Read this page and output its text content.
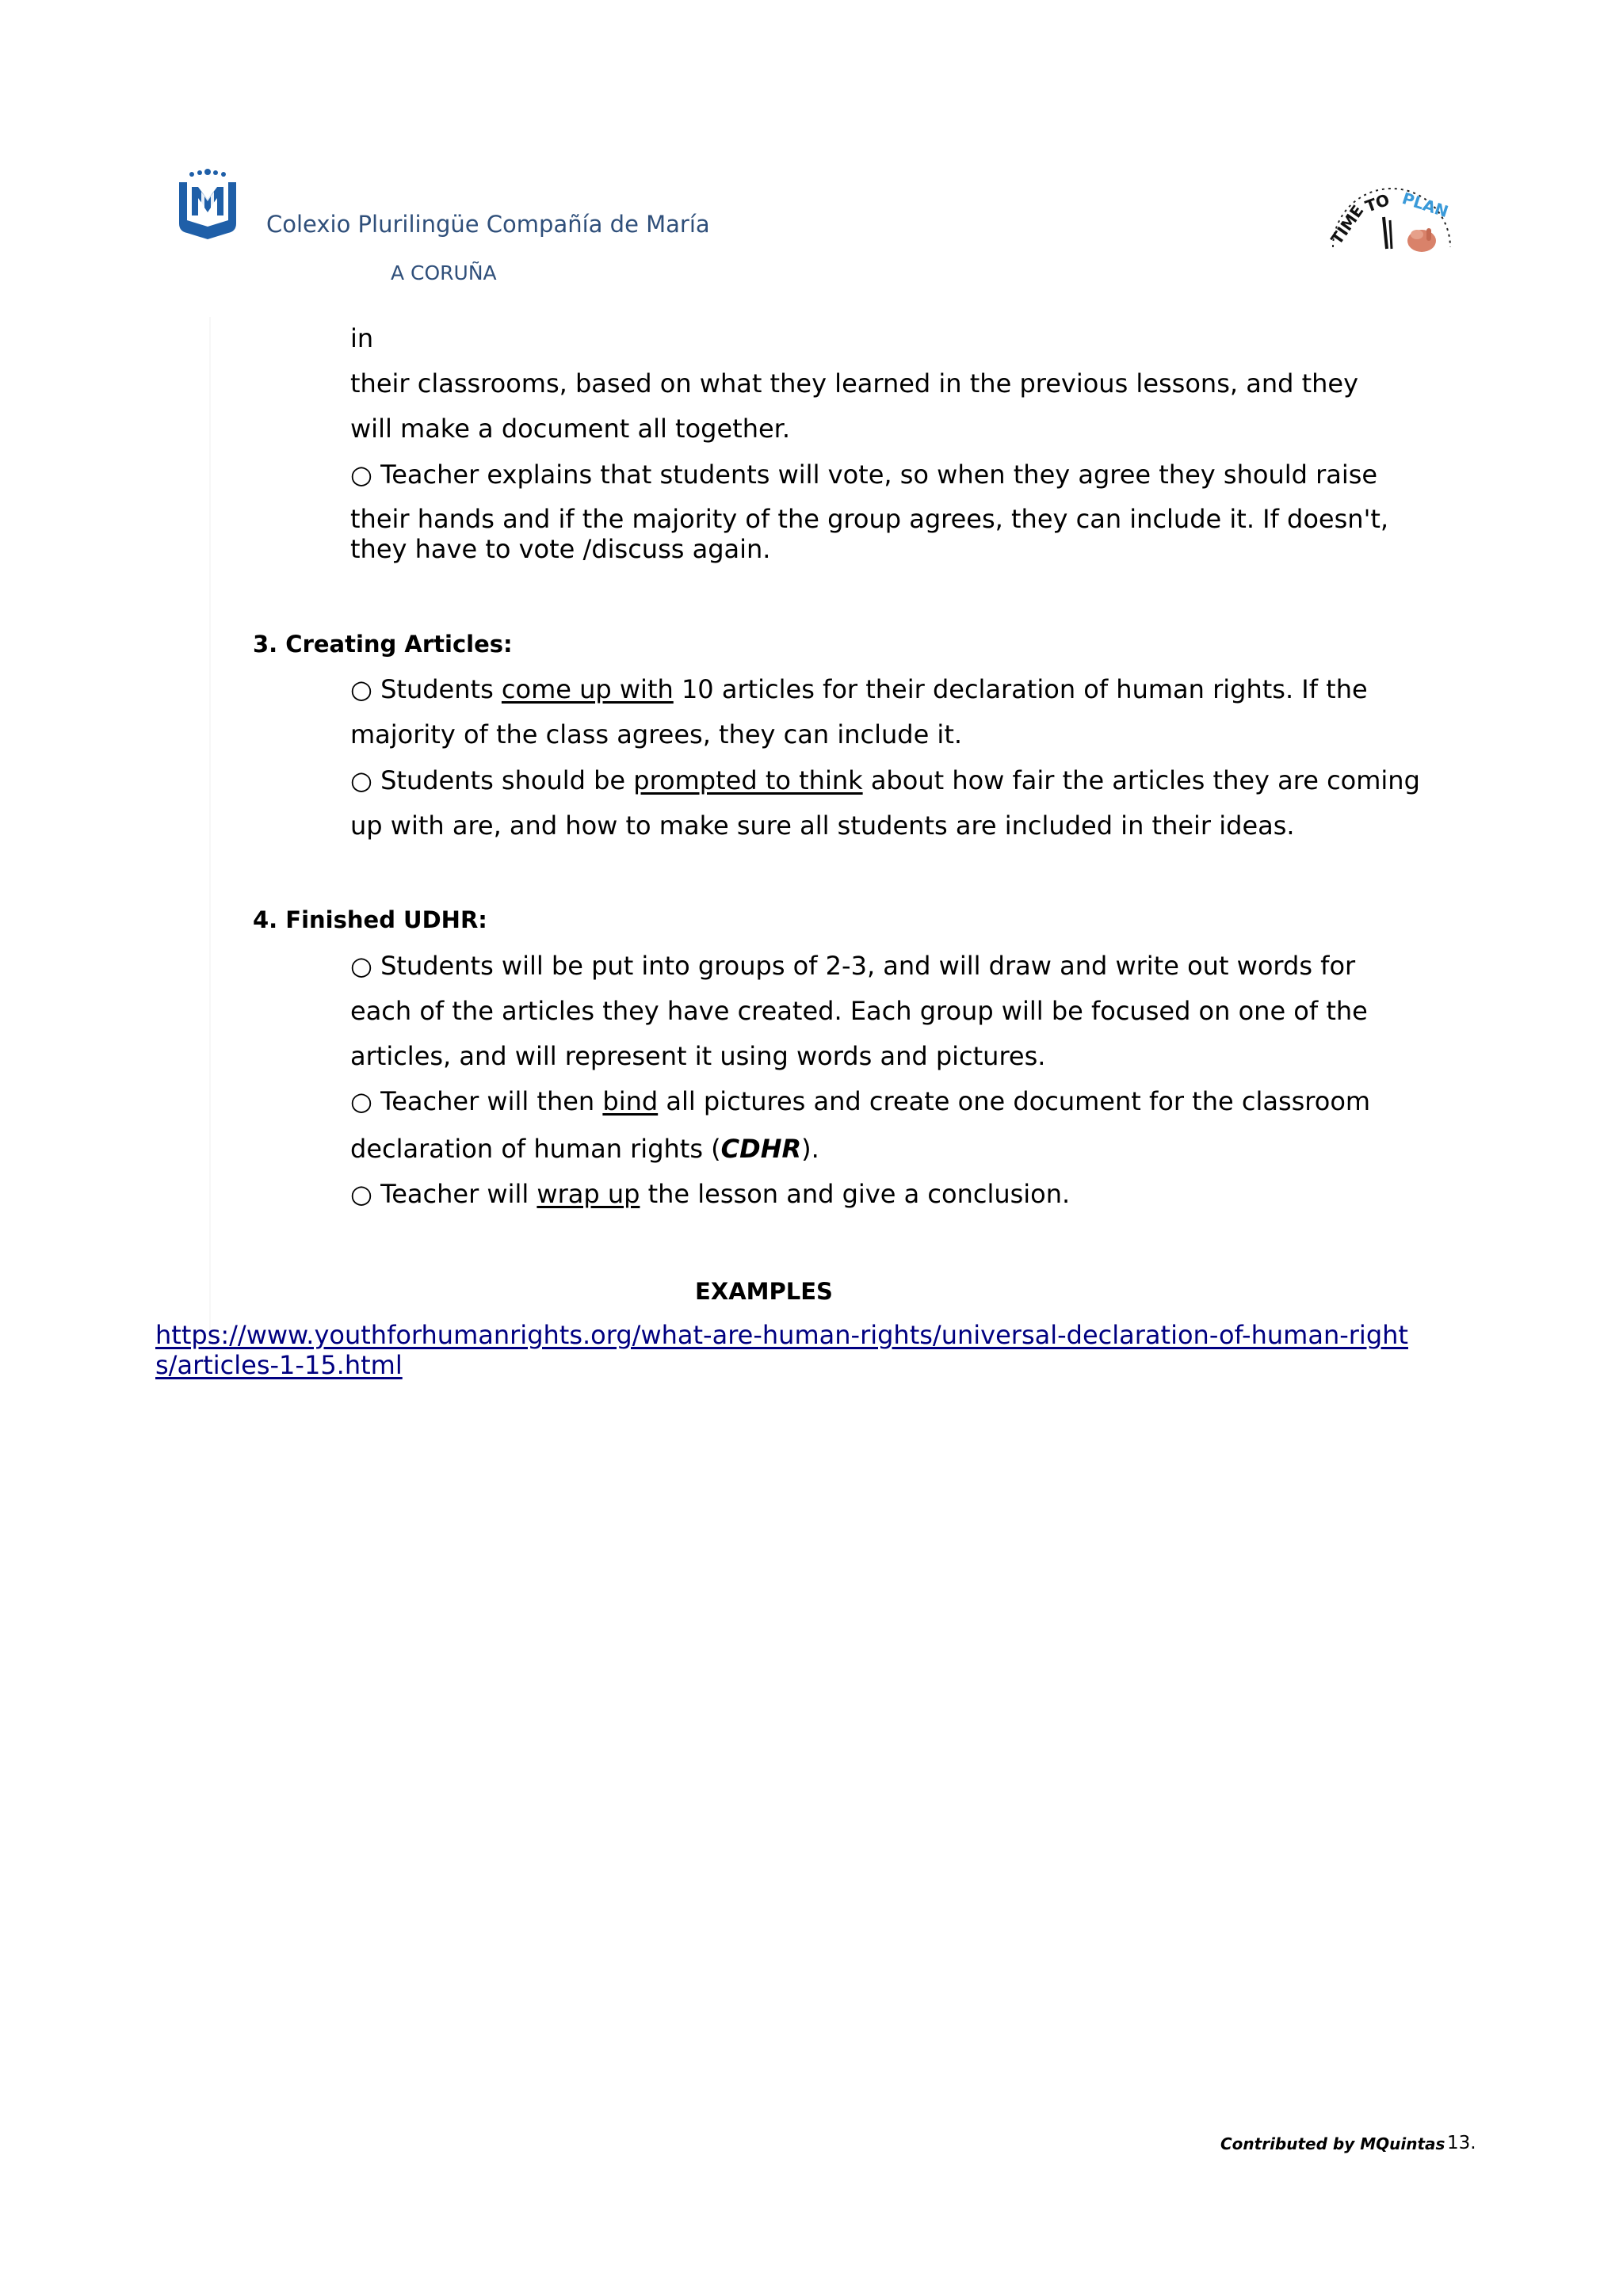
Colexio Plurilingüe Compañía de María
A CORUÑA
TIME
TO PLAN
in
their classrooms, based on what they learned in the previous lessons, and they
will make a document all together.
○ Teacher explains that students will vote, so when they agree they should raise
their hands and if the majority of the group agrees, they can include it. If doesn't, they have to vote /discuss again.
3. Creating Articles:
○ Students come up with 10 articles for their declaration of human rights. If the
majority of the class agrees, they can include it.
○ Students should be prompted to think about how fair the articles they are coming
up with are, and how to make sure all students are included in their ideas.
4. Finished UDHR:
○ Students will be put into groups of 2-3, and will draw and write out words for
each of the articles they have created. Each group will be focused on one of the
articles, and will represent it using words and pictures.
○ Teacher will then bind all pictures and create one document for the classroom
declaration of human rights (CDHR).
○ Teacher will wrap up the lesson and give a conclusion.
EXAMPLES
https://www.youthforhumanrights.org/what-are-human-rights/universal-declaration-of-human-rights/articles-1-15.html
Contributed by MQuintas 13.
